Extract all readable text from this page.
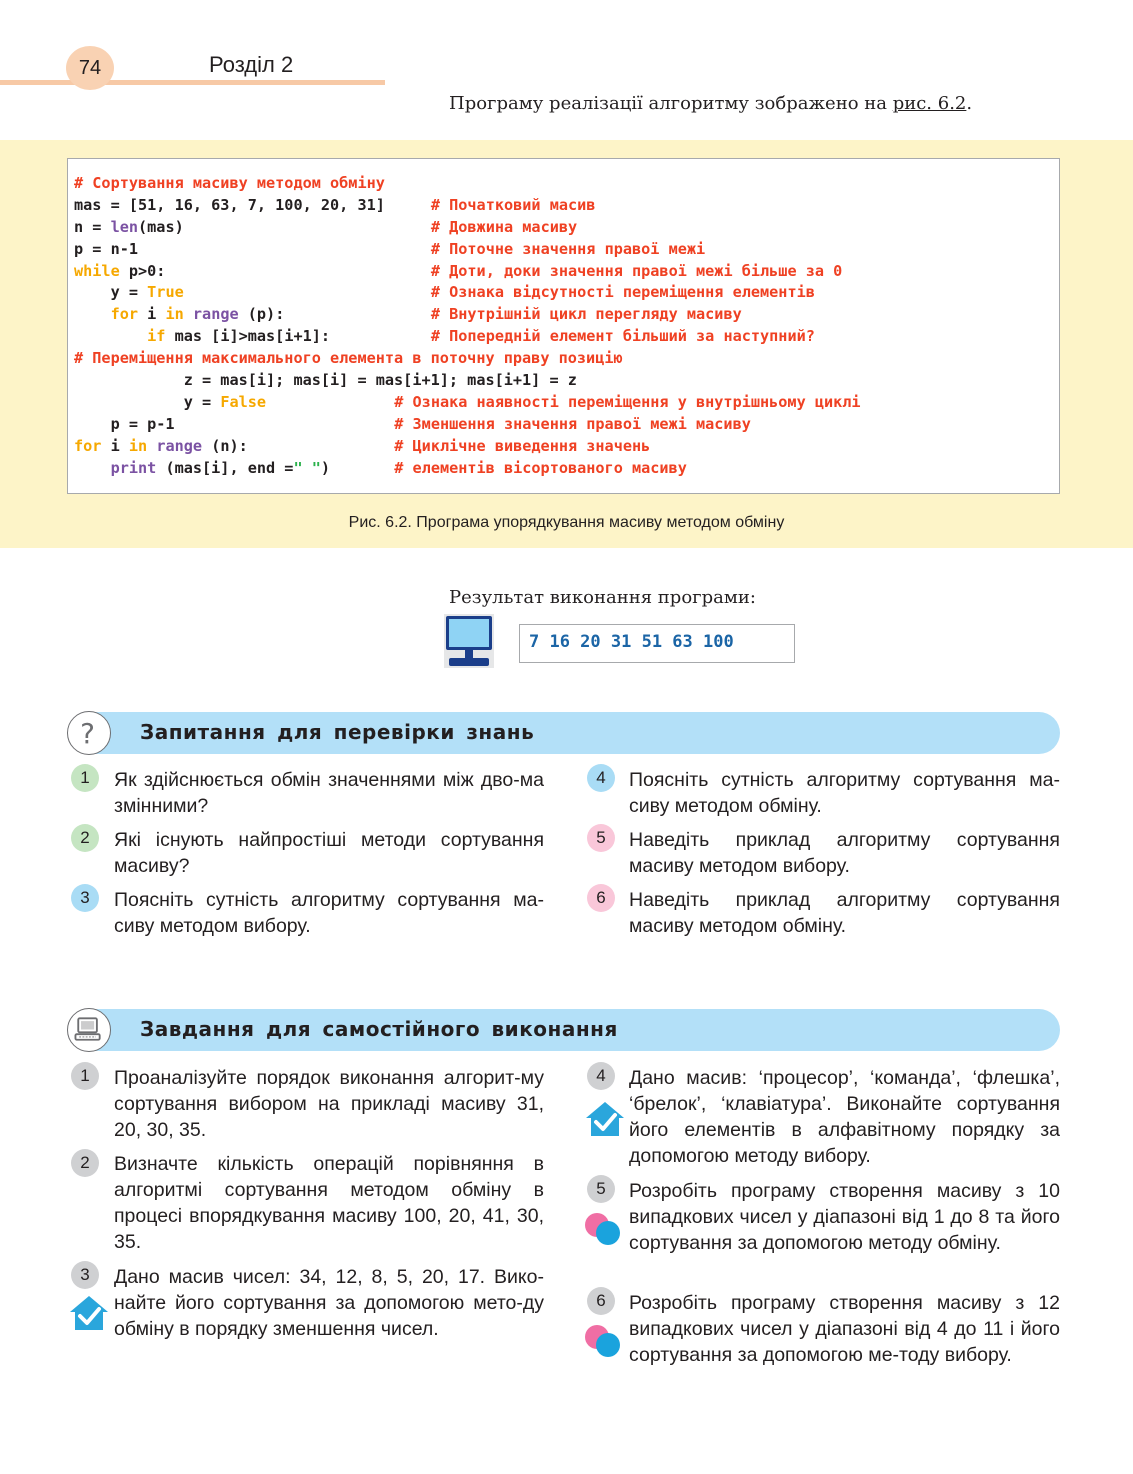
74	Розділ 2
Програму реалізації алгоритму зображено на рис. 6.2.
# Сортування масиву методом обміну
mas = [51, 16, 63, 7, 100, 20, 31]	# Початковий масив
n = len(mas)	# Довжина масиву
p = n-1	# Поточне значення правої межі
while p>0:	# Доти, доки значення правої межі більше за 0
y = True	# Ознака відсутності переміщення елементів
for i in range (p):	# Внутрішній цикл перегляду масиву
if mas [i]>mas[i+1]:	# Попередній елемент більший за наступний?
# Переміщення максимального елемента в поточну праву позицію
z = mas[i]; mas[i] = mas[i+1]; mas[i+1] = z
y = False	# Ознака наявності переміщення у внутрішньому циклі
p = p-1	# Зменшення значення правої межі масиву
for i in range (n):	# Циклічне виведення значень
print (mas[i], end =" ")	# елементів вісортованого масиву
Рис. 6.2. Програма упорядкування масиву методом обміну
Результат виконання програми:
7 16 20 31 51 63 100
? Запитання для перевірки знань
1	Як здійснюється обмін значеннями між дво-ма змінними?
2	Які існують найпростіші методи сортування масиву?
3	Поясніть сутність алгоритму сортування ма-сиву методом вибору.
4	Поясніть сутність алгоритму сортування ма-сиву методом обміну.
5	Наведіть приклад алгоритму сортування масиву методом вибору.
6	Наведіть приклад алгоритму сортування масиву методом обміну.
Завдання для самостійного виконання
1	Проаналізуйте порядок виконання алгорит-му сортування вибором на прикладі масиву 31, 20, 30, 35.
2	Визначте кількість операцій порівняння в алгоритмі сортування методом обміну в процесі впорядкування масиву 100, 20, 41, 30, 35.
3	Дано масив чисел: 34, 12, 8, 5, 20, 17. Вико-найте його сортування за допомогою мето-ду обміну в порядку зменшення чисел.
4	Дано масив: ‘процесор’, ‘команда’, ‘флешка’, ‘брелок’, ‘клавіатура’. Виконайте сортування його елементів в алфавітному порядку за допомогою методу вибору.
5	Розробіть програму створення масиву з 10 випадкових чисел у діапазоні від 1 до 8 та його сортування за допомогою методу обміну.
6	Розробіть програму створення масиву з 12 випадкових чисел у діапазоні від 4 до 11 і його сортування за допомогою ме-тоду вибору.
